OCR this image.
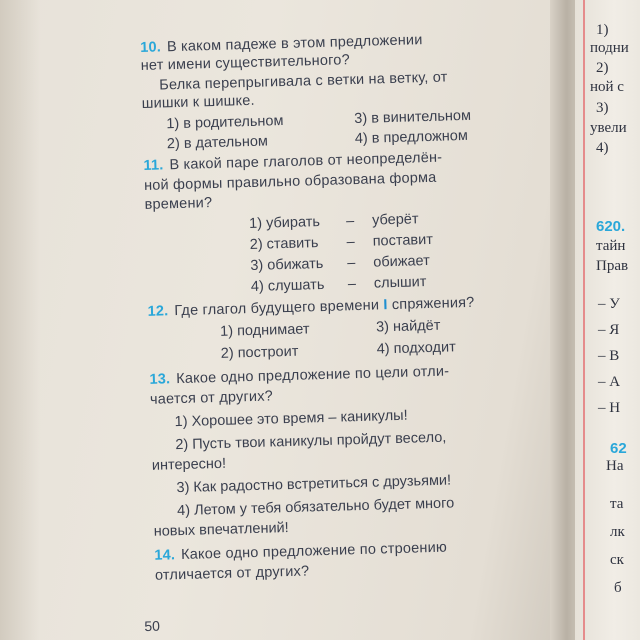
1)
подни
2)
ной с
3)
увели
4)
620.
тайн
Прав
– У
– Я
– В
– А
– Н
62
На
та
лк
ск
б
10. В каком падеже в этом предложении
нет имени существительного?
Белка перепрыгивала с ветки на ветку, от
шишки к шишке.
1) в родительном	3) в винительном
2) в дательном	4) в предложном
11. В какой паре глаголов от неопределён-
ной формы правильно образована форма
времени?
1) убирать – уберёт
2) ставить – поставит
3) обижать – обижает
4) слушать – слышит
12. Где глагол будущего времени I спряжения?
1) поднимает	3) найдёт
2) построит	4) подходит
13. Какое одно предложение по цели отли-
чается от других?
1) Хорошее это время – каникулы!
2) Пусть твои каникулы пройдут весело,
интересно!
3) Как радостно встретиться с друзьями!
4) Летом у тебя обязательно будет много
новых впечатлений!
14. Какое одно предложение по строению
отличается от других?
50
